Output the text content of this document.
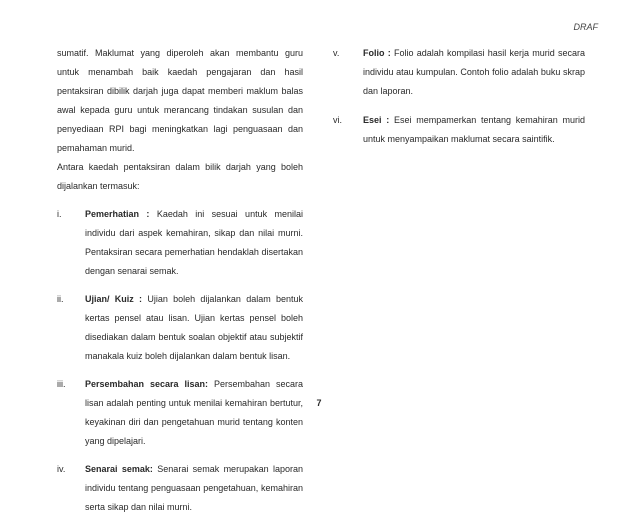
DRAF

sumatif. Maklumat yang diperoleh akan membantu guru untuk menambah baik kaedah pengajaran dan hasil pentaksiran dibilik darjah juga dapat memberi maklum balas awal kepada guru untuk merancang tindakan susulan dan penyediaan RPI bagi meningkatkan lagi penguasaan dan pemahaman murid.

Antara kaedah pentaksiran dalam bilik darjah yang boleh dijalankan termasuk:

i.	Pemerhatian : Kaedah ini sesuai untuk menilai individu dari aspek kemahiran, sikap dan nilai murni. Pentaksiran secara pemerhatian hendaklah disertakan dengan senarai semak.
ii.	Ujian/ Kuiz : Ujian boleh dijalankan dalam bentuk kertas pensel atau lisan. Ujian kertas pensel boleh disediakan dalam bentuk soalan objektif atau subjektif manakala kuiz boleh dijalankan dalam bentuk lisan.
iii.	Persembahan secara lisan: Persembahan secara lisan adalah penting untuk menilai kemahiran bertutur, keyakinan diri dan pengetahuan murid tentang konten yang dipelajari.
iv.	Senarai semak: Senarai semak merupakan laporan individu tentang penguasaan pengetahuan, kemahiran serta sikap dan nilai murni.
v.	Folio : Folio adalah kompilasi hasil kerja murid secara individu atau kumpulan. Contoh folio adalah buku skrap dan laporan.
vi.	Esei : Esei mempamerkan tentang kemahiran murid untuk menyampaikan maklumat secara saintifik.
7
